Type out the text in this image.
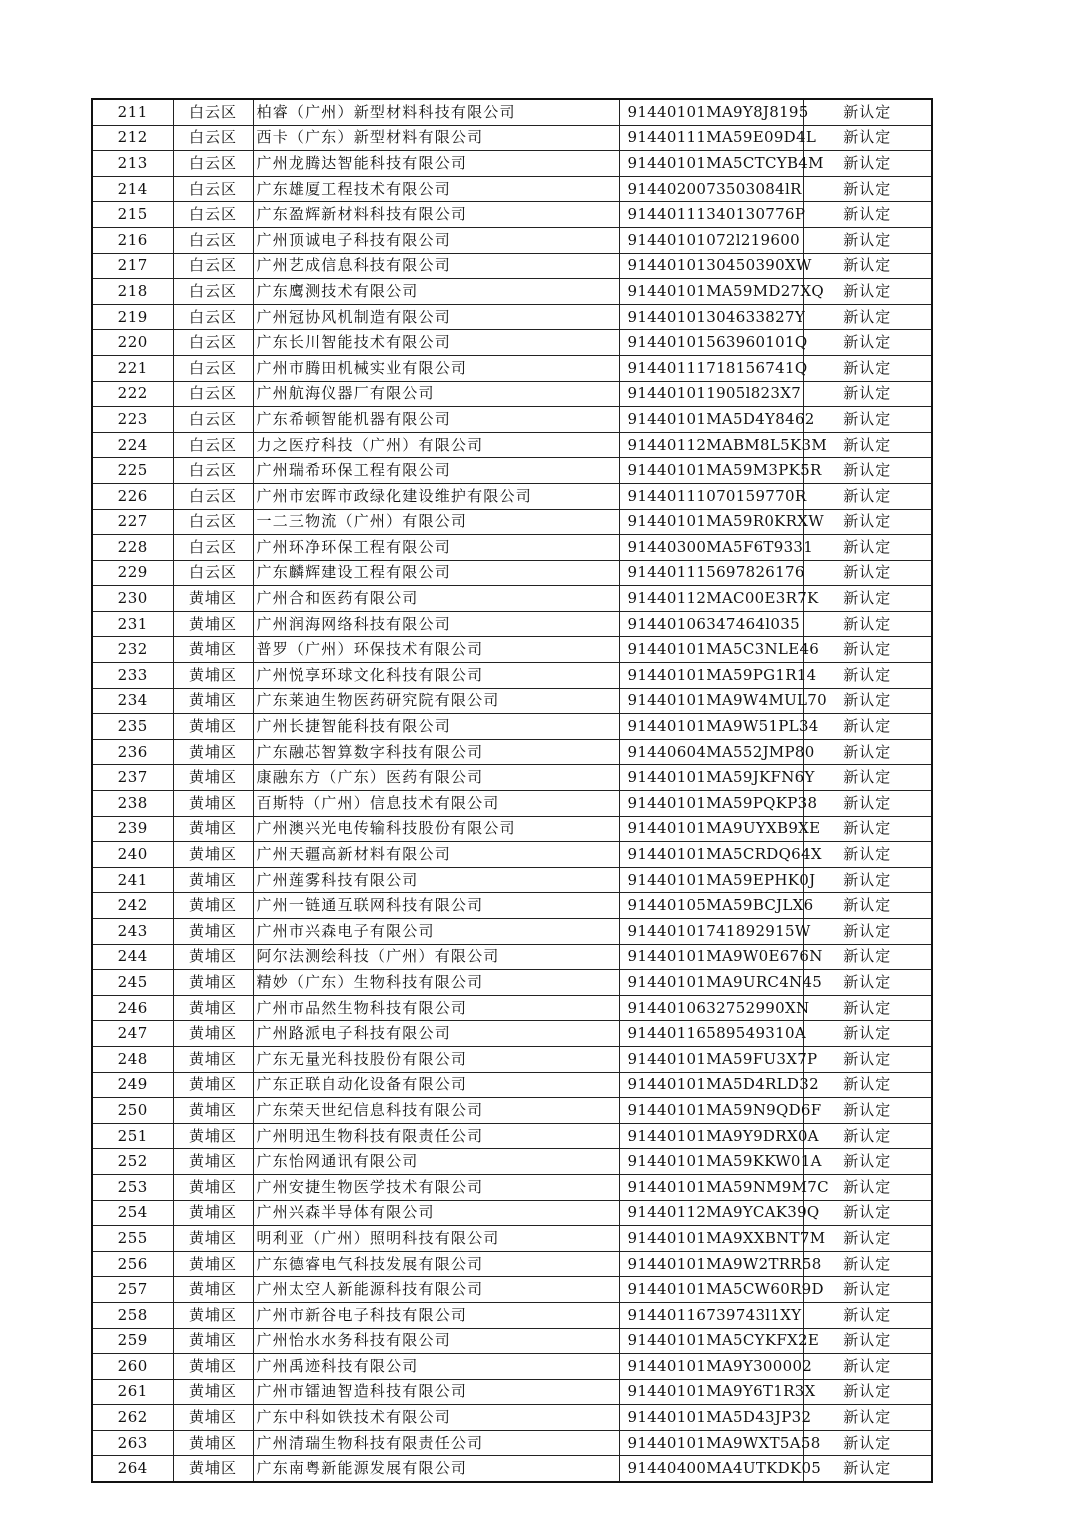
211	白云区	柏睿（广州）新型材料科技有限公司	91440101MA9Y8J8195	新认定
212	白云区	西卡（广东）新型材料有限公司	91440111MA59E09D4L	新认定
213	白云区	广州龙腾达智能科技有限公司	91440101MA5CTCYB4M	新认定
214	白云区	广东雄厦工程技术有限公司	9144020073503084lR	新认定
215	白云区	广东盈辉新材料科技有限公司	91440111340130776P	新认定
216	白云区	广州顶诚电子科技有限公司	91440101072l219600	新认定
217	白云区	广州艺成信息科技有限公司	9144010130450390XW	新认定
218	白云区	广东鹰测技术有限公司	91440101MA59MD27XQ	新认定
219	白云区	广州冠协风机制造有限公司	91440101304633827Y	新认定
220	白云区	广东长川智能技术有限公司	91440101563960101Q	新认定
221	白云区	广州市腾田机械实业有限公司	91440111718156741Q	新认定
222	白云区	广州航海仪器厂有限公司	914401011905l823X7	新认定
223	白云区	广东希顿智能机器有限公司	91440101MA5D4Y8462	新认定
224	白云区	力之医疗科技（广州）有限公司	91440112MABM8L5K3M	新认定
225	白云区	广州瑞希环保工程有限公司	91440101MA59M3PK5R	新认定
226	白云区	广州市宏晖市政绿化建设维护有限公司	91440111070159770R	新认定
227	白云区	一二三物流（广州）有限公司	91440101MA59R0KRXW	新认定
228	白云区	广州环净环保工程有限公司	91440300MA5F6T9331	新认定
229	白云区	广东麟辉建设工程有限公司	914401115697826176	新认定
230	黄埔区	广州合和医药有限公司	91440112MAC00E3R7K	新认定
231	黄埔区	广州润海网络科技有限公司	91440106347464l035	新认定
232	黄埔区	普罗（广州）环保技术有限公司	91440101MA5C3NLE46	新认定
233	黄埔区	广州悦享环球文化科技有限公司	91440101MA59PG1R14	新认定
234	黄埔区	广东莱迪生物医药研究院有限公司	91440101MA9W4MUL70	新认定
235	黄埔区	广州长捷智能科技有限公司	91440101MA9W51PL34	新认定
236	黄埔区	广东融芯智算数字科技有限公司	91440604MA552JMP80	新认定
237	黄埔区	康融东方（广东）医药有限公司	91440101MA59JKFN6Y	新认定
238	黄埔区	百斯特（广州）信息技术有限公司	91440101MA59PQKP38	新认定
239	黄埔区	广州澳兴光电传输科技股份有限公司	91440101MA9UYXB9XE	新认定
240	黄埔区	广州天疆高新材料有限公司	91440101MA5CRDQ64X	新认定
241	黄埔区	广州莲雾科技有限公司	91440101MA59EPHK0J	新认定
242	黄埔区	广州一链通互联网科技有限公司	91440105MA59BCJLX6	新认定
243	黄埔区	广州市兴森电子有限公司	91440101741892915W	新认定
244	黄埔区	阿尔法测绘科技（广州）有限公司	91440101MA9W0E676N	新认定
245	黄埔区	精妙（广东）生物科技有限公司	91440101MA9URC4N45	新认定
246	黄埔区	广州市品然生物科技有限公司	9144010632752990XN	新认定
247	黄埔区	广州路派电子科技有限公司	91440116589549310A	新认定
248	黄埔区	广东无量光科技股份有限公司	91440101MA59FU3X7P	新认定
249	黄埔区	广东正联自动化设备有限公司	91440101MA5D4RLD32	新认定
250	黄埔区	广东荣天世纪信息科技有限公司	91440101MA59N9QD6F	新认定
251	黄埔区	广州明迅生物科技有限责任公司	91440101MA9Y9DRX0A	新认定
252	黄埔区	广东怡网通讯有限公司	91440101MA59KKW01A	新认定
253	黄埔区	广州安捷生物医学技术有限公司	91440101MA59NM9M7C	新认定
254	黄埔区	广州兴森半导体有限公司	91440112MA9YCAK39Q	新认定
255	黄埔区	明利亚（广州）照明科技有限公司	91440101MA9XXBNT7M	新认定
256	黄埔区	广东德睿电气科技发展有限公司	91440101MA9W2TRR58	新认定
257	黄埔区	广州太空人新能源科技有限公司	91440101MA5CW60R9D	新认定
258	黄埔区	广州市新谷电子科技有限公司	91440116739743l1XY	新认定
259	黄埔区	广州怡水水务科技有限公司	91440101MA5CYKFX2E	新认定
260	黄埔区	广州禹迹科技有限公司	91440101MA9Y300002	新认定
261	黄埔区	广州市镭迪智造科技有限公司	91440101MA9Y6T1R3X	新认定
262	黄埔区	广东中科如铁技术有限公司	91440101MA5D43JP32	新认定
263	黄埔区	广州清瑞生物科技有限责任公司	91440101MA9WXT5A58	新认定
264	黄埔区	广东南粤新能源发展有限公司	91440400MA4UTKDK05	新认定
